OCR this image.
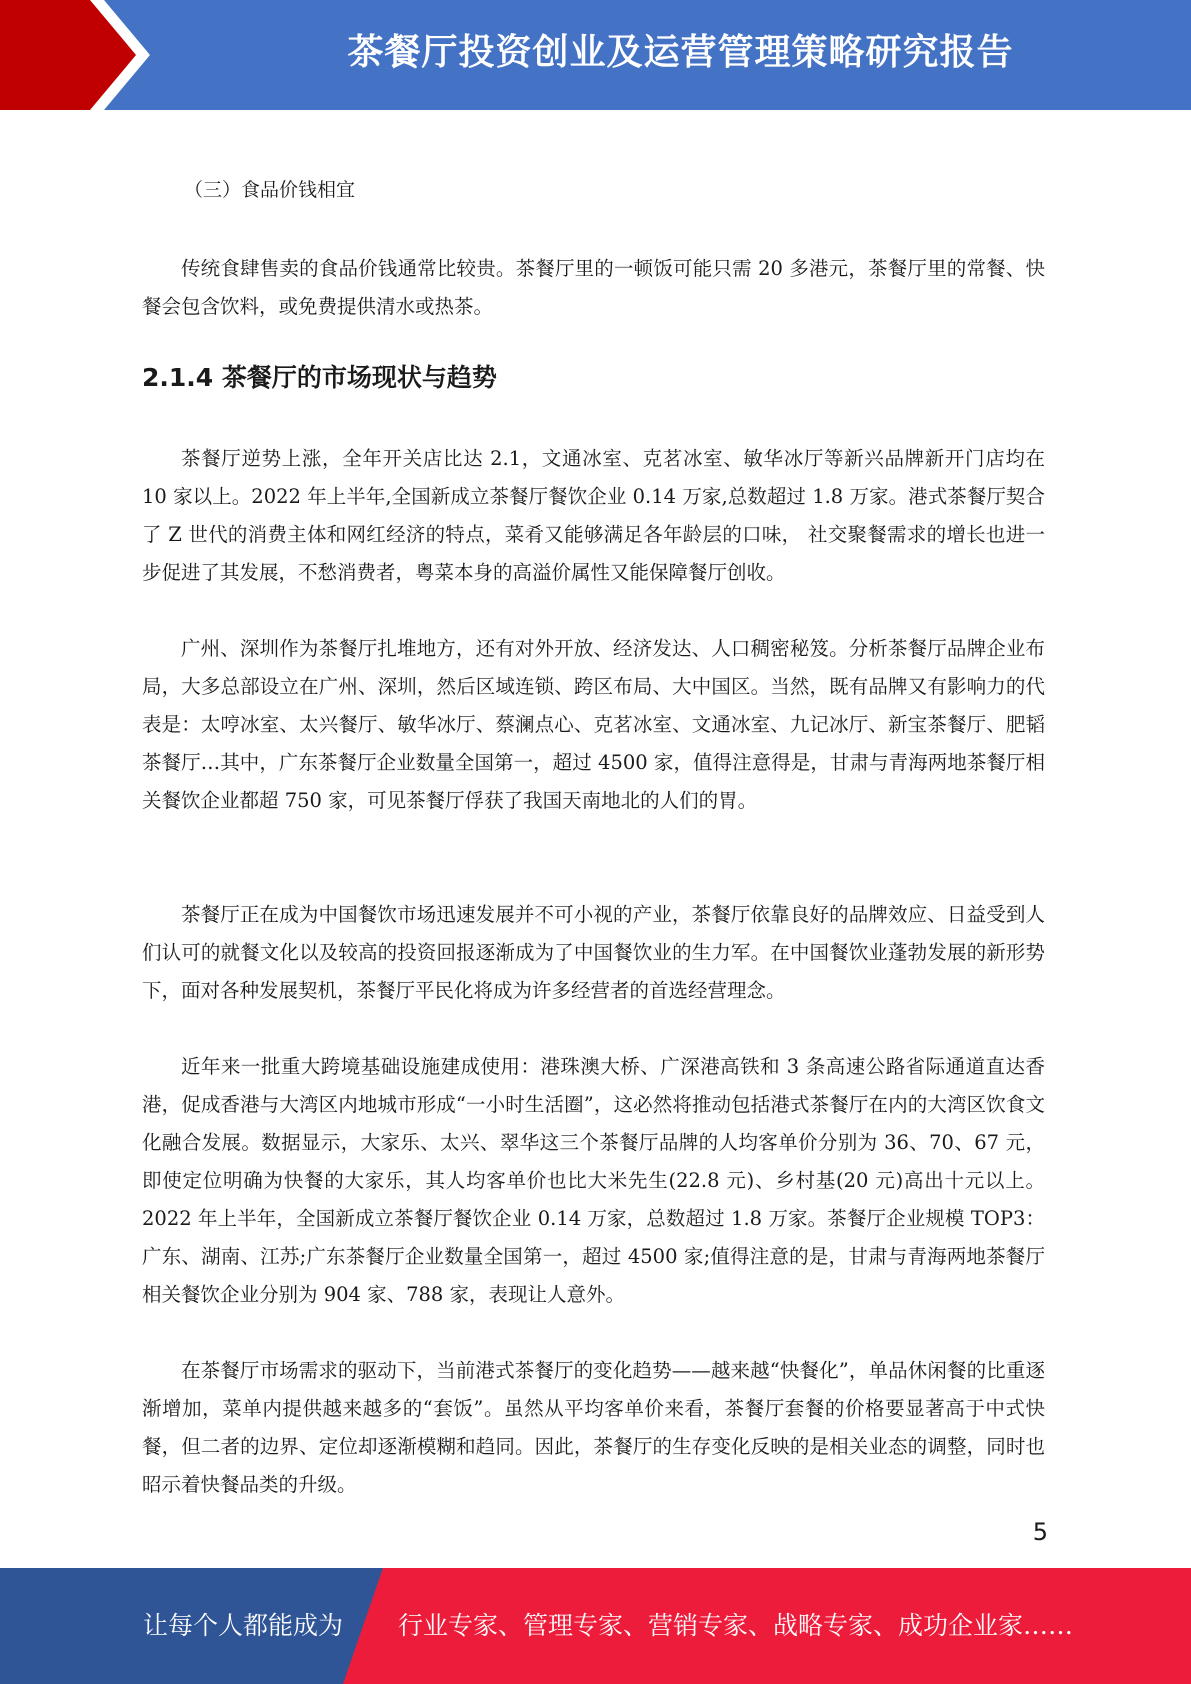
茶餐厅投资创业及运营管理策略研究报告
（三）食品价钱相宜

传统食肆售卖的食品价钱通常比较贵。茶餐厅里的一顿饭可能只需 20 多港元，茶餐厅里的常餐、快餐会包含饮料，或免费提供清水或热茶。

2.1.4 茶餐厅的市场现状与趋势

茶餐厅逆势上涨，全年开关店比达 2.1，文通冰室、克茗冰室、敏华冰厅等新兴品牌新开门店均在 10 家以上。2022 年上半年,全国新成立茶餐厅餐饮企业 0.14 万家,总数超过 1.8 万家。港式茶餐厅契合了 Z 世代的消费主体和网红经济的特点，菜肴又能够满足各年龄层的口味， 社交聚餐需求的增长也进一步促进了其发展，不愁消费者，粤菜本身的高溢价属性又能保障餐厅创收。

广州、深圳作为茶餐厅扎堆地方，还有对外开放、经济发达、人口稠密秘笈。分析茶餐厅品牌企业布局，大多总部设立在广州、深圳，然后区域连锁、跨区布局、大中国区。当然，既有品牌又有影响力的代表是：太哼冰室、太兴餐厅、敏华冰厅、蔡澜点心、克茗冰室、文通冰室、九记冰厅、新宝茶餐厅、肥韬茶餐厅…其中，广东茶餐厅企业数量全国第一，超过 4500 家，值得注意得是，甘肃与青海两地茶餐厅相关餐饮企业都超 750 家，可见茶餐厅俘获了我国天南地北的人们的胃。

茶餐厅正在成为中国餐饮市场迅速发展并不可小视的产业，茶餐厅依靠良好的品牌效应、日益受到人们认可的就餐文化以及较高的投资回报逐渐成为了中国餐饮业的生力军。在中国餐饮业蓬勃发展的新形势下，面对各种发展契机，茶餐厅平民化将成为许多经营者的首选经营理念。

近年来一批重大跨境基础设施建成使用：港珠澳大桥、广深港高铁和 3 条高速公路省际通道直达香港，促成香港与大湾区内地城市形成“一小时生活圈”，这必然将推动包括港式茶餐厅在内的大湾区饮食文化融合发展。数据显示，大家乐、太兴、翠华这三个茶餐厅品牌的人均客单价分别为 36、70、67 元，即使定位明确为快餐的大家乐，其人均客单价也比大米先生(22.8 元)、乡村基(20 元)高出十元以上。2022 年上半年，全国新成立茶餐厅餐饮企业 0.14 万家，总数超过 1.8 万家。茶餐厅企业规模 TOP3：广东、湖南、江苏;广东茶餐厅企业数量全国第一，超过 4500 家;值得注意的是，甘肃与青海两地茶餐厅相关餐饮企业分别为 904 家、788 家，表现让人意外。

在茶餐厅市场需求的驱动下，当前港式茶餐厅的变化趋势——越来越“快餐化”，单品休闲餐的比重逐渐增加，菜单内提供越来越多的“套饭”。虽然从平均客单价来看，茶餐厅套餐的价格要显著高于中式快餐，但二者的边界、定位却逐渐模糊和趋同。因此，茶餐厅的生存变化反映的是相关业态的调整，同时也昭示着快餐品类的升级。

5
让每个人都能成为 行业专家、管理专家、营销专家、战略专家、成功企业家……
